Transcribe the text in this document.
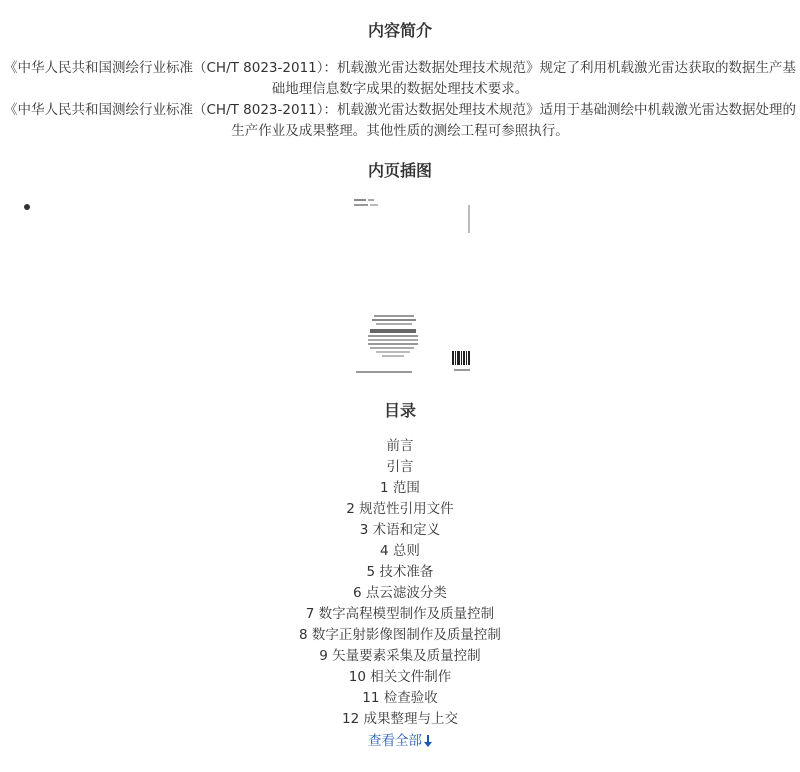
内容简介

《中华人民共和国测绘行业标准（CH/T 8023-2011）：机载激光雷达数据处理技术规范》规定了利用机载激光雷达获取的数据生产基础地理信息数字成果的数据处理技术要求。

《中华人民共和国测绘行业标准（CH/T 8023-2011）：机载激光雷达数据处理技术规范》适用于基础测绘中机载激光雷达数据处理的生产作业及成果整理。其他性质的测绘工程可参照执行。

内页插图
目录
前言
引言
1 范围
2 规范性引用文件
3 术语和定义
4 总则
5 技术准备
6 点云滤波分类
7 数字高程模型制作及质量控制
8 数字正射影像图制作及质量控制
9 矢量要素采集及质量控制
10 相关文件制作
11 检查验收
12 成果整理与上交
查看全部
